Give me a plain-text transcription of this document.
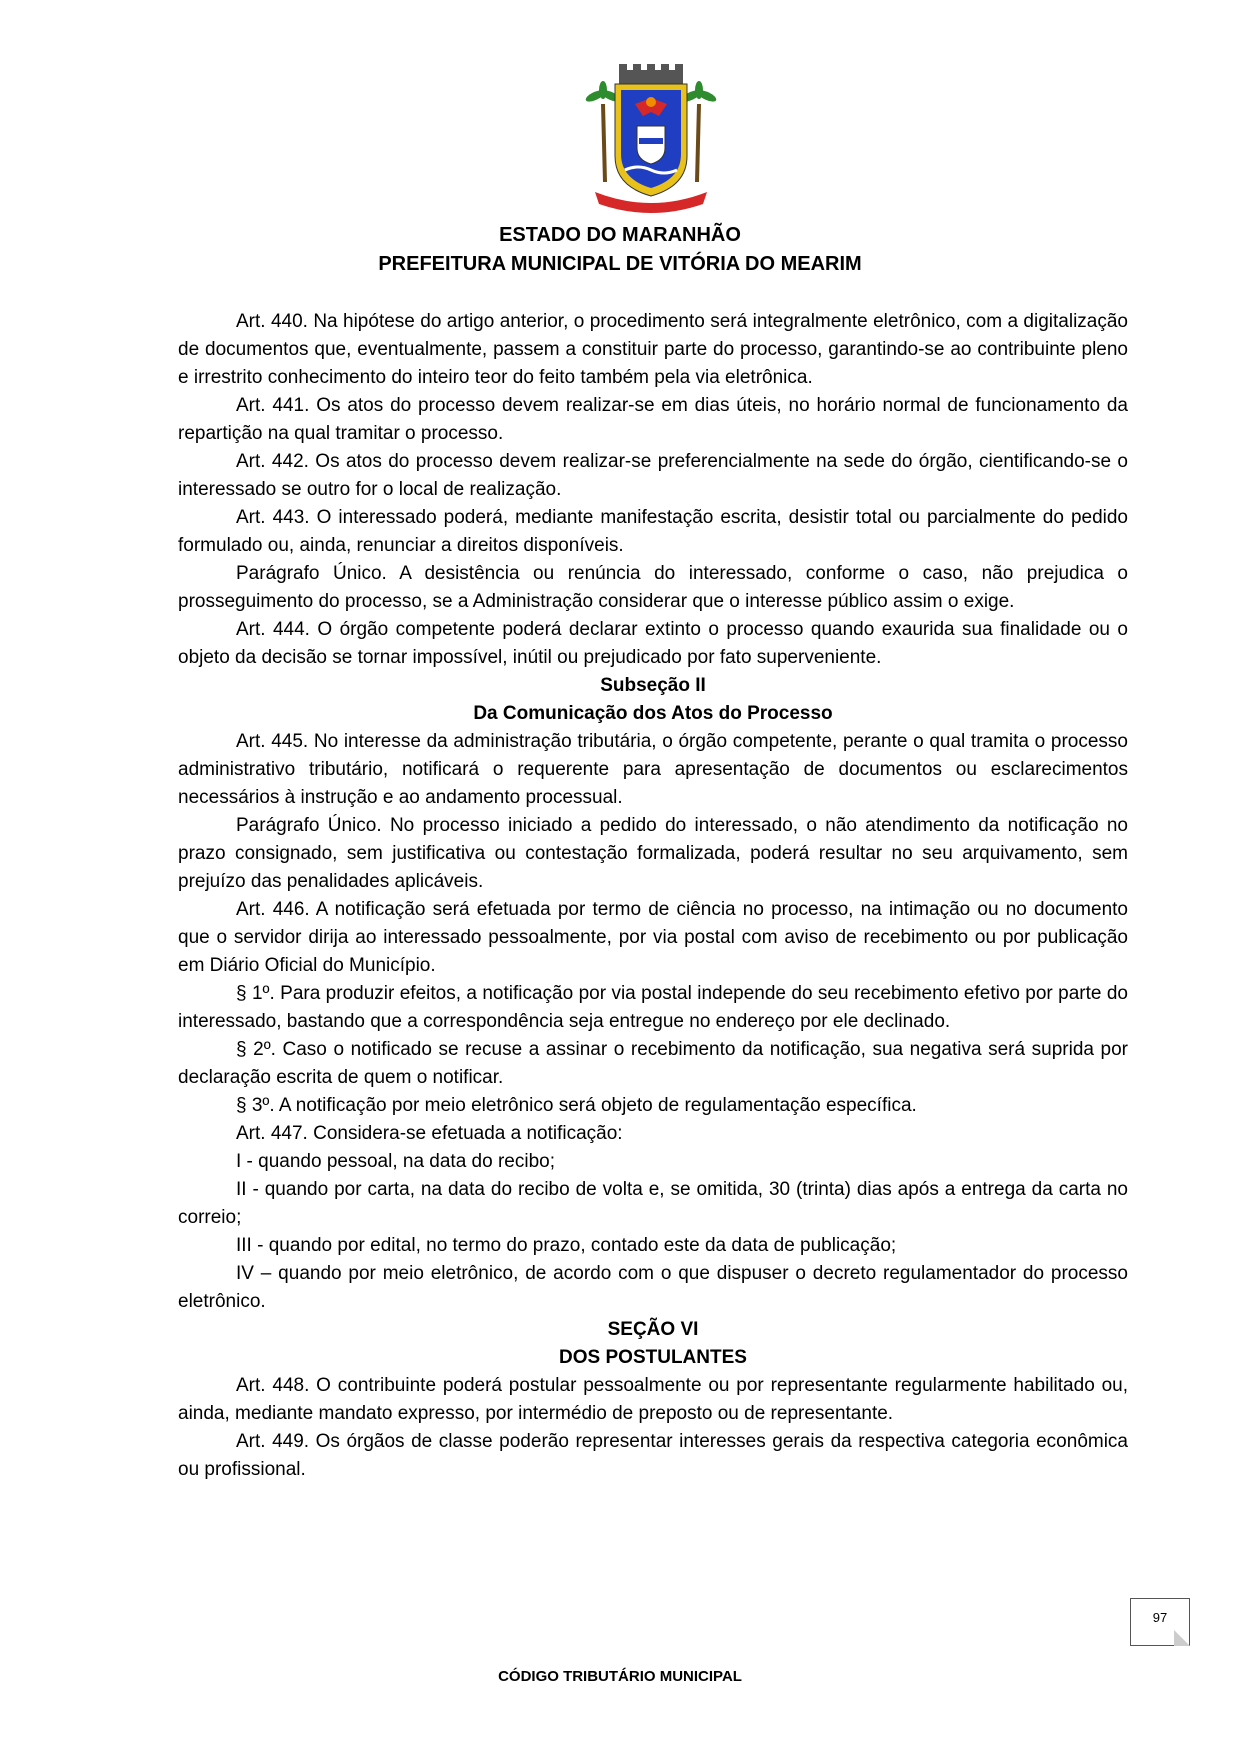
ESTADO DO MARANHÃO
PREFEITURA MUNICIPAL DE VITÓRIA DO MEARIM

Art. 440. Na hipótese do artigo anterior, o procedimento será integralmente eletrônico, com a digitalização de documentos que, eventualmente, passem a constituir parte do processo, garantindo-se ao contribuinte pleno e irrestrito conhecimento do inteiro teor do feito também pela via eletrônica.

Art. 441. Os atos do processo devem realizar-se em dias úteis, no horário normal de funcionamento da repartição na qual tramitar o processo.

Art. 442. Os atos do processo devem realizar-se preferencialmente na sede do órgão, cientificando-se o interessado se outro for o local de realização.

Art. 443. O interessado poderá, mediante manifestação escrita, desistir total ou parcialmente do pedido formulado ou, ainda, renunciar a direitos disponíveis.

Parágrafo Único. A desistência ou renúncia do interessado, conforme o caso, não prejudica o prosseguimento do processo, se a Administração considerar que o interesse público assim o exige.

Art. 444. O órgão competente poderá declarar extinto o processo quando exaurida sua finalidade ou o objeto da decisão se tornar impossível, inútil ou prejudicado por fato superveniente.

Subseção II

Da Comunicação dos Atos do Processo

Art. 445. No interesse da administração tributária, o órgão competente, perante o qual tramita o processo administrativo tributário, notificará o requerente para apresentação de documentos ou esclarecimentos necessários à instrução e ao andamento processual.

Parágrafo Único. No processo iniciado a pedido do interessado, o não atendimento da notificação no prazo consignado, sem justificativa ou contestação formalizada, poderá resultar no seu arquivamento, sem prejuízo das penalidades aplicáveis.

Art. 446. A notificação será efetuada por termo de ciência no processo, na intimação ou no documento que o servidor dirija ao interessado pessoalmente, por via postal com aviso de recebimento ou por publicação em Diário Oficial do Município.

§ 1º. Para produzir efeitos, a notificação por via postal independe do seu recebimento efetivo por parte do interessado, bastando que a correspondência seja entregue no endereço por ele declinado.

§ 2º. Caso o notificado se recuse a assinar o recebimento da notificação, sua negativa será suprida por declaração escrita de quem o notificar.

§ 3º. A notificação por meio eletrônico será objeto de regulamentação específica.

Art. 447. Considera-se efetuada a notificação:

I - quando pessoal, na data do recibo;

II - quando por carta, na data do recibo de volta e, se omitida, 30 (trinta) dias após a entrega da carta no correio;

III - quando por edital, no termo do prazo, contado este da data de publicação;

IV – quando por meio eletrônico, de acordo com o que dispuser o decreto regulamentador do processo eletrônico.

SEÇÃO VI

DOS POSTULANTES

Art. 448. O contribuinte poderá postular pessoalmente ou por representante regularmente habilitado ou, ainda, mediante mandato expresso, por intermédio de preposto ou de representante.

Art. 449. Os órgãos de classe poderão representar interesses gerais da respectiva categoria econômica ou profissional.

97
CÓDIGO TRIBUTÁRIO MUNICIPAL
